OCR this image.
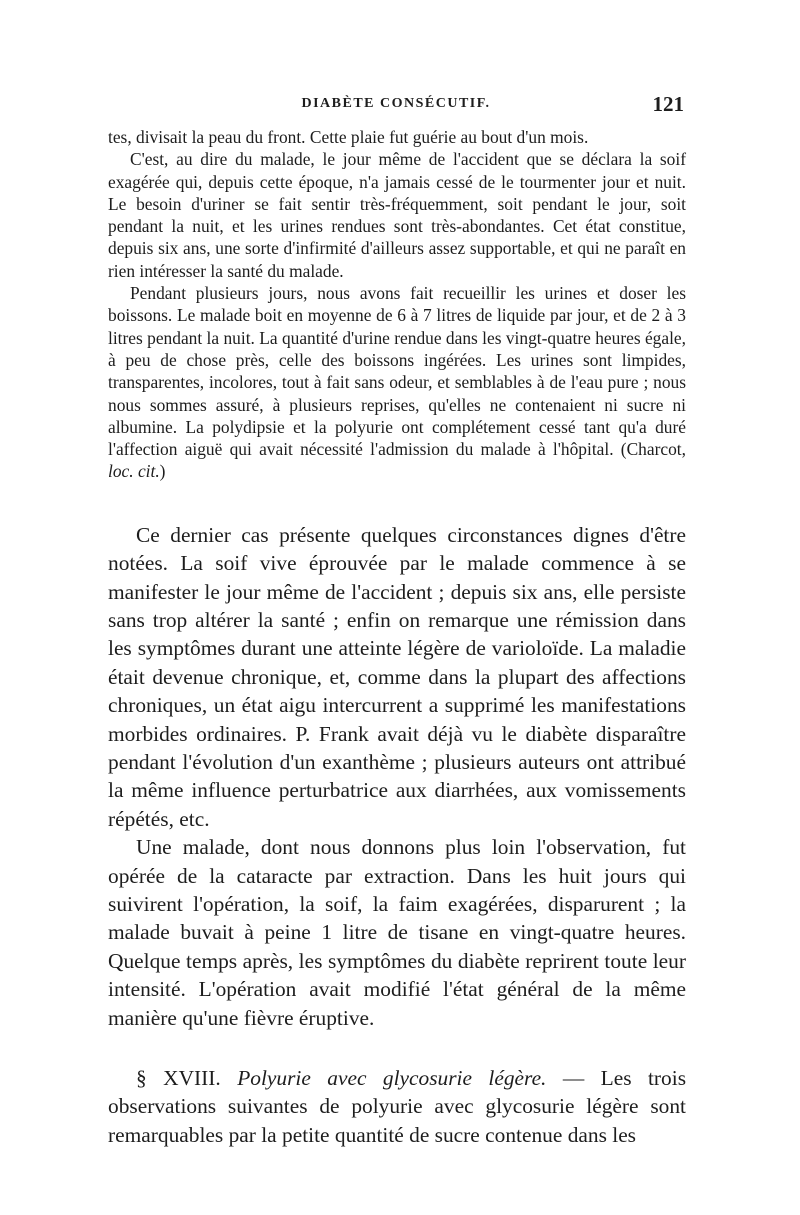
DIABÈTE CONSÉCUTIF.	121

tes, divisait la peau du front. Cette plaie fut guérie au bout d'un mois.

C'est, au dire du malade, le jour même de l'accident que se déclara la soif exagérée qui, depuis cette époque, n'a jamais cessé de le tourmenter jour et nuit. Le besoin d'uriner se fait sentir très-fréquemment, soit pendant le jour, soit pendant la nuit, et les urines rendues sont très-abondantes. Cet état constitue, depuis six ans, une sorte d'infirmité d'ailleurs assez supportable, et qui ne paraît en rien intéresser la santé du malade.

Pendant plusieurs jours, nous avons fait recueillir les urines et doser les boissons. Le malade boit en moyenne de 6 à 7 litres de liquide par jour, et de 2 à 3 litres pendant la nuit. La quantité d'urine rendue dans les vingt-quatre heures égale, à peu de chose près, celle des boissons ingérées. Les urines sont limpides, transparentes, incolores, tout à fait sans odeur, et semblables à de l'eau pure ; nous nous sommes assuré, à plusieurs reprises, qu'elles ne contenaient ni sucre ni albumine. La polydipsie et la polyurie ont complétement cessé tant qu'a duré l'affection aiguë qui avait nécessité l'admission du malade à l'hôpital. (Charcot, loc. cit.)

Ce dernier cas présente quelques circonstances dignes d'être notées. La soif vive éprouvée par le malade commence à se manifester le jour même de l'accident ; depuis six ans, elle persiste sans trop altérer la santé ; enfin on remarque une rémission dans les symptômes durant une atteinte légère de varioloïde. La maladie était devenue chronique, et, comme dans la plupart des affections chroniques, un état aigu intercurrent a supprimé les manifestations morbides ordinaires. P. Frank avait déjà vu le diabète disparaître pendant l'évolution d'un exanthème ; plusieurs auteurs ont attribué la même influence perturbatrice aux diarrhées, aux vomissements répétés, etc.

Une malade, dont nous donnons plus loin l'observation, fut opérée de la cataracte par extraction. Dans les huit jours qui suivirent l'opération, la soif, la faim exagérées, disparurent ; la malade buvait à peine 1 litre de tisane en vingt-quatre heures. Quelque temps après, les symptômes du diabète reprirent toute leur intensité. L'opération avait modifié l'état général de la même manière qu'une fièvre éruptive.

§ XVIII. Polyurie avec glycosurie légère. — Les trois observations suivantes de polyurie avec glycosurie légère sont remarquables par la petite quantité de sucre contenue dans les
